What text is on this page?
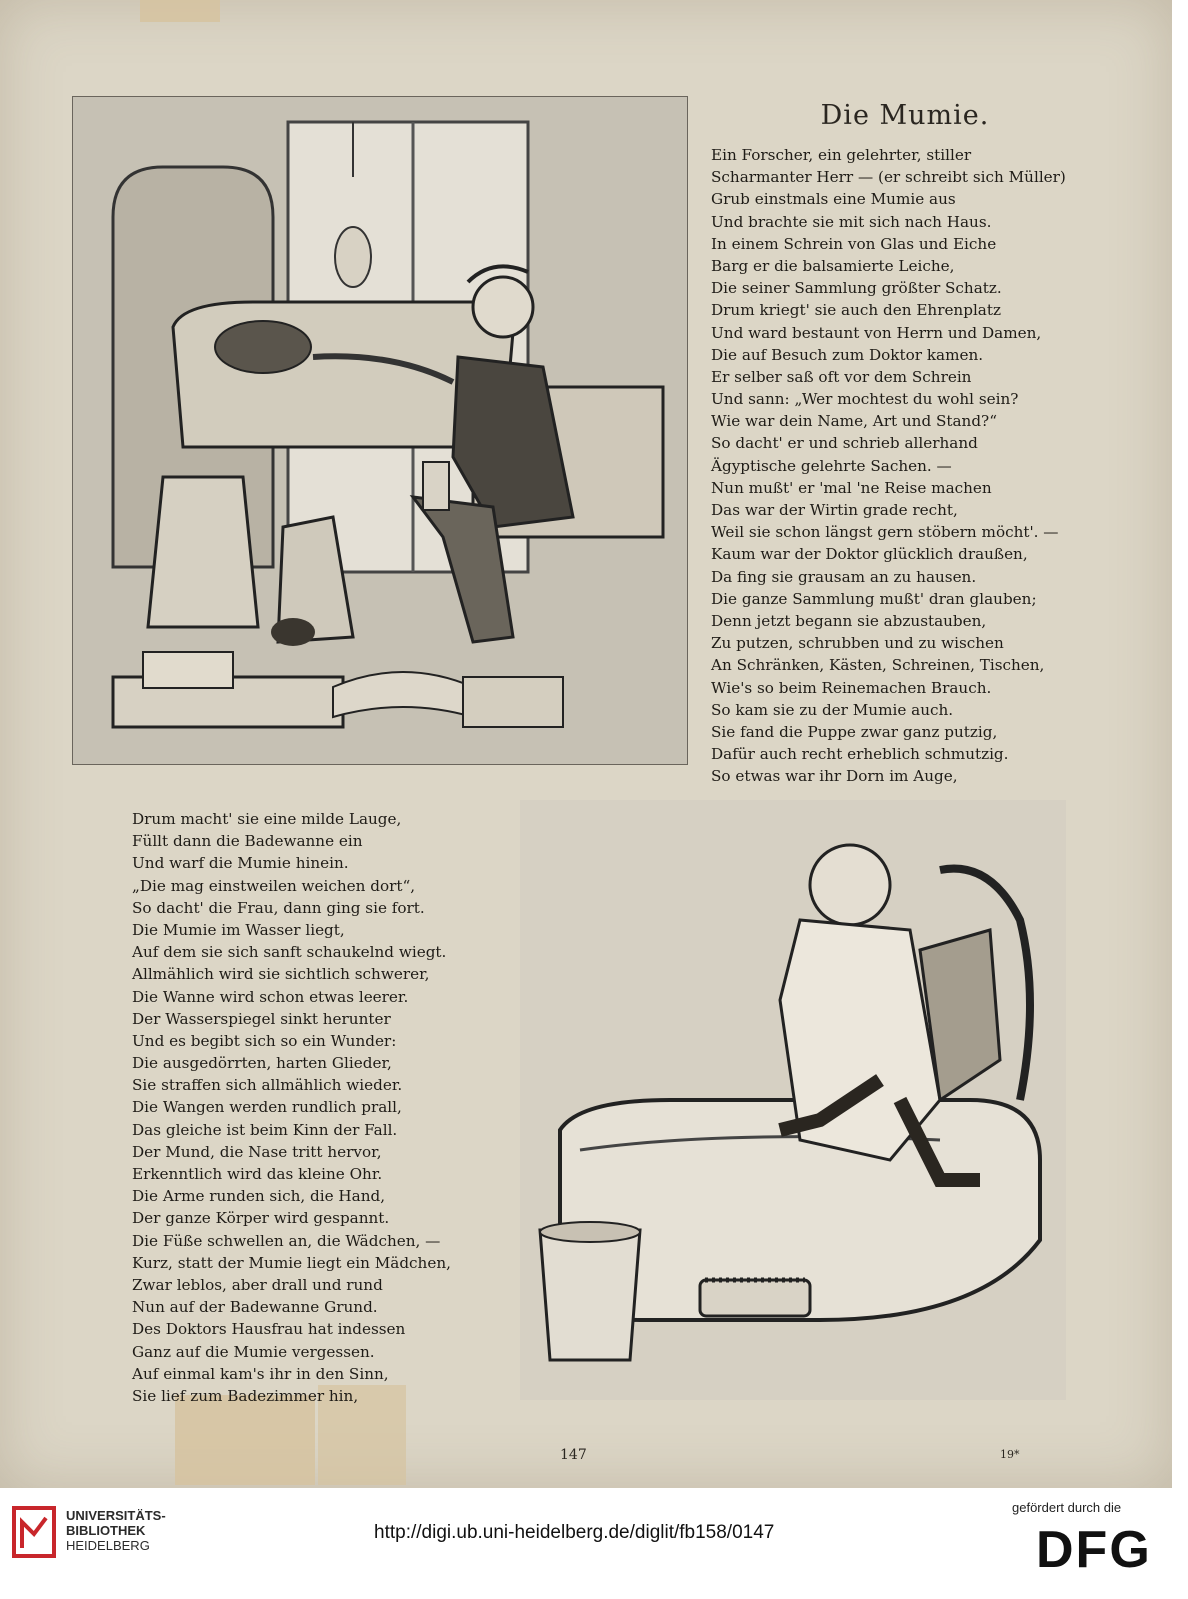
Die Mumie.
Ein Forscher, ein gelehrter, stiller
Scharmanter Herr — (er schreibt sich Müller)
Grub einstmals eine Mumie aus
Und brachte sie mit sich nach Haus.
In einem Schrein von Glas und Eiche
Barg er die balsamierte Leiche,
Die seiner Sammlung größter Schatz.
Drum kriegt' sie auch den Ehrenplatz
Und ward bestaunt von Herrn und Damen,
Die auf Besuch zum Doktor kamen.
Er selber saß oft vor dem Schrein
Und sann: „Wer mochtest du wohl sein?
Wie war dein Name, Art und Stand?“
So dacht' er und schrieb allerhand
Ägyptische gelehrte Sachen. —
Nun mußt' er 'mal 'ne Reise machen
Das war der Wirtin grade recht,
Weil sie schon längst gern stöbern möcht'. —
Kaum war der Doktor glücklich draußen,
Da fing sie grausam an zu hausen.
Die ganze Sammlung mußt' dran glauben;
Denn jetzt begann sie abzustauben,
Zu putzen, schrubben und zu wischen
An Schränken, Kästen, Schreinen, Tischen,
Wie's so beim Reinemachen Brauch.
So kam sie zu der Mumie auch.
Sie fand die Puppe zwar ganz putzig,
Dafür auch recht erheblich schmutzig.
So etwas war ihr Dorn im Auge,
Drum macht' sie eine milde Lauge,
Füllt dann die Badewanne ein
Und warf die Mumie hinein.
„Die mag einstweilen weichen dort“,
So dacht' die Frau, dann ging sie fort.
Die Mumie im Wasser liegt,
Auf dem sie sich sanft schaukelnd wiegt.
Allmählich wird sie sichtlich schwerer,
Die Wanne wird schon etwas leerer.
Der Wasserspiegel sinkt herunter
Und es begibt sich so ein Wunder:
Die ausgedörrten, harten Glieder,
Sie straffen sich allmählich wieder.
Die Wangen werden rundlich prall,
Das gleiche ist beim Kinn der Fall.
Der Mund, die Nase tritt hervor,
Erkenntlich wird das kleine Ohr.
Die Arme runden sich, die Hand,
Der ganze Körper wird gespannt.
Die Füße schwellen an, die Wädchen, —
Kurz, statt der Mumie liegt ein Mädchen,
Zwar leblos, aber drall und rund
Nun auf der Badewanne Grund.
Des Doktors Hausfrau hat indessen
Ganz auf die Mumie vergessen.
Auf einmal kam's ihr in den Sinn,
Sie lief zum Badezimmer hin,
147	19*
UNIVERSITÄTS-
BIBLIOTHEK
HEIDELBERG
http://digi.ub.uni-heidelberg.de/diglit/fb158/0147
gefördert durch die
DFG
